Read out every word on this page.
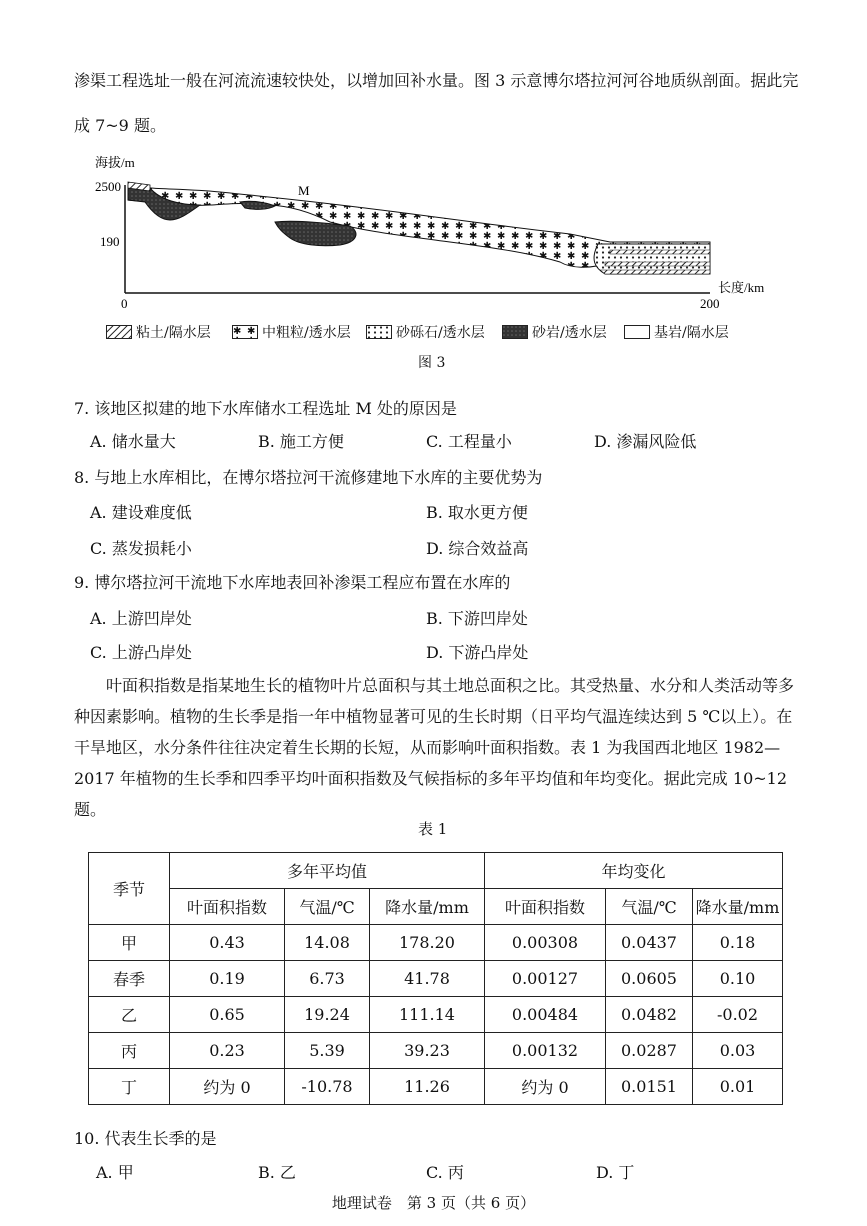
渗渠工程选址一般在河流流速较快处，以增加回补水量。图 3 示意博尔塔拉河河谷地质纵剖面。据此完
成 7~9 题。
海拔/m
2500
190
0	200
长度/km
M
粘土/隔水层	中粗粒/透水层	砂砾石/透水层	砂岩/透水层	基岩/隔水层
图 3
7. 该地区拟建的地下水库储水工程选址 M 处的原因是
A. 储水量大	B. 施工方便	C. 工程量小	D. 渗漏风险低
8. 与地上水库相比，在博尔塔拉河干流修建地下水库的主要优势为
A. 建设难度低	B. 取水更方便
C. 蒸发损耗小	D. 综合效益高
9. 博尔塔拉河干流地下水库地表回补渗渠工程应布置在水库的
A. 上游凹岸处	B. 下游凹岸处
C. 上游凸岸处	D. 下游凸岸处
叶面积指数是指某地生长的植物叶片总面积与其土地总面积之比。其受热量、水分和人类活动等多种因素影响。植物的生长季是指一年中植物显著可见的生长时期（日平均气温连续达到 5 ℃以上）。在干旱地区，水分条件往往决定着生长期的长短，从而影响叶面积指数。表 1 为我国西北地区 1982—2017 年植物的生长季和四季平均叶面积指数及气候指标的多年平均值和年均变化。据此完成 10~12 题。
表 1
季节	多年平均值			年均变化		
	叶面积指数	气温/℃	降水量/mm	叶面积指数	气温/℃	降水量/mm
甲	0.43	14.08	178.20	0.00308	0.0437	0.18
春季	0.19	6.73	41.78	0.00127	0.0605	0.10
乙	0.65	19.24	111.14	0.00484	0.0482	-0.02
丙	0.23	5.39	39.23	0.00132	0.0287	0.03
丁	约为 0	-10.78	11.26	约为 0	0.0151	0.01
10. 代表生长季的是
A. 甲	B. 乙	C. 丙	D. 丁
地理试卷　第 3 页（共 6 页）
